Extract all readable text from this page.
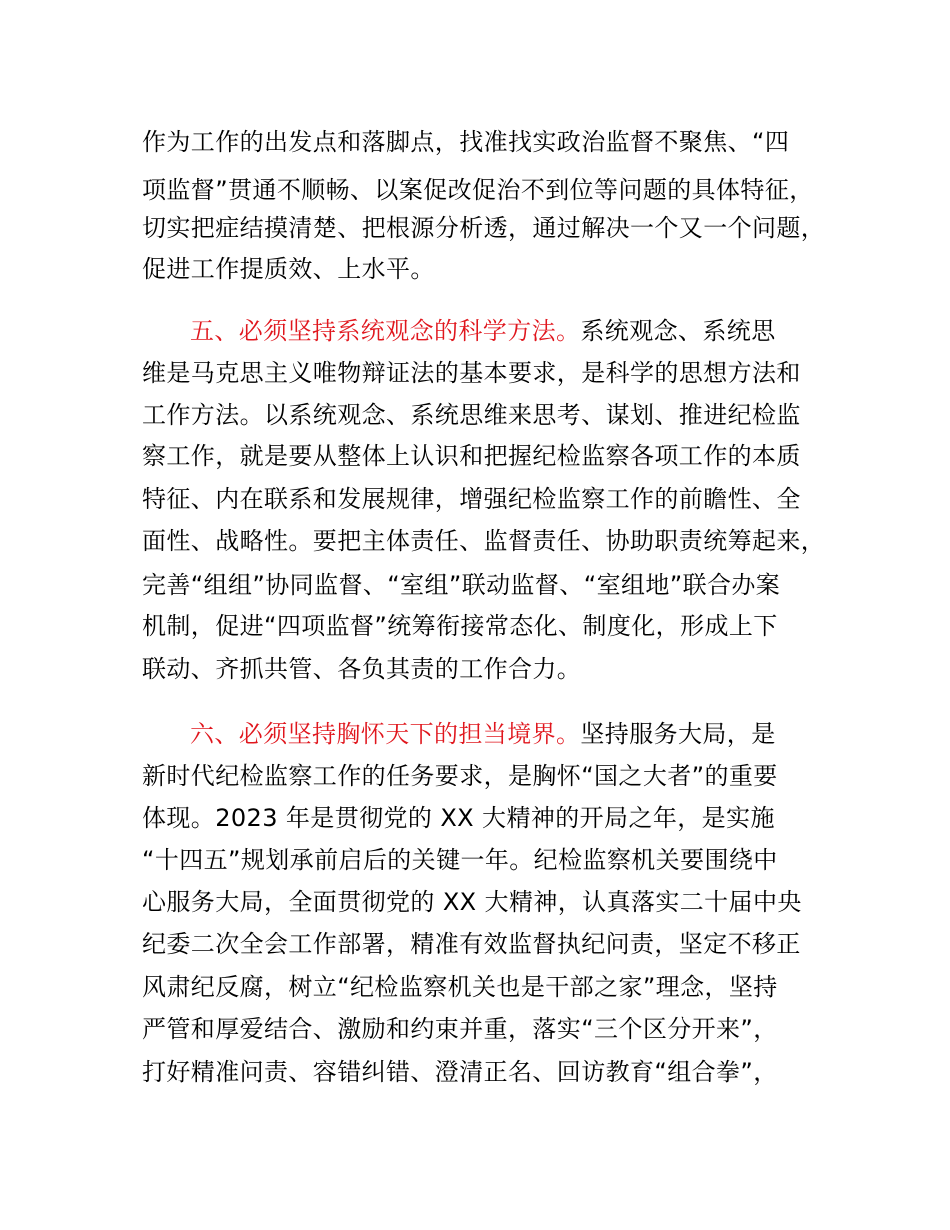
作为工作的出发点和落脚点，找准找实政治监督不聚焦、“四
项监督”贯通不顺畅、以案促改促治不到位等问题的具体特征，
切实把症结摸清楚、把根源分析透，通过解决一个又一个问题，
促进工作提质效、上水平。
五、必须坚持系统观念的科学方法。系统观念、系统思
维是马克思主义唯物辩证法的基本要求，是科学的思想方法和
工作方法。以系统观念、系统思维来思考、谋划、推进纪检监
察工作，就是要从整体上认识和把握纪检监察各项工作的本质
特征、内在联系和发展规律，增强纪检监察工作的前瞻性、全
面性、战略性。要把主体责任、监督责任、协助职责统筹起来，
完善“组组”协同监督、“室组”联动监督、“室组地”联合办案
机制，促进“四项监督”统筹衔接常态化、制度化，形成上下
联动、齐抓共管、各负其责的工作合力。
六、必须坚持胸怀天下的担当境界。坚持服务大局，是
新时代纪检监察工作的任务要求，是胸怀“国之大者”的重要
体现。2023 年是贯彻党的 XX 大精神的开局之年，是实施
“十四五”规划承前启后的关键一年。纪检监察机关要围绕中
心服务大局，全面贯彻党的 XX 大精神，认真落实二十届中央
纪委二次全会工作部署，精准有效监督执纪问责，坚定不移正
风肃纪反腐，树立“纪检监察机关也是干部之家”理念，坚持
严管和厚爱结合、激励和约束并重，落实“三个区分开来”，
打好精准问责、容错纠错、澄清正名、回访教育“组合拳”，
